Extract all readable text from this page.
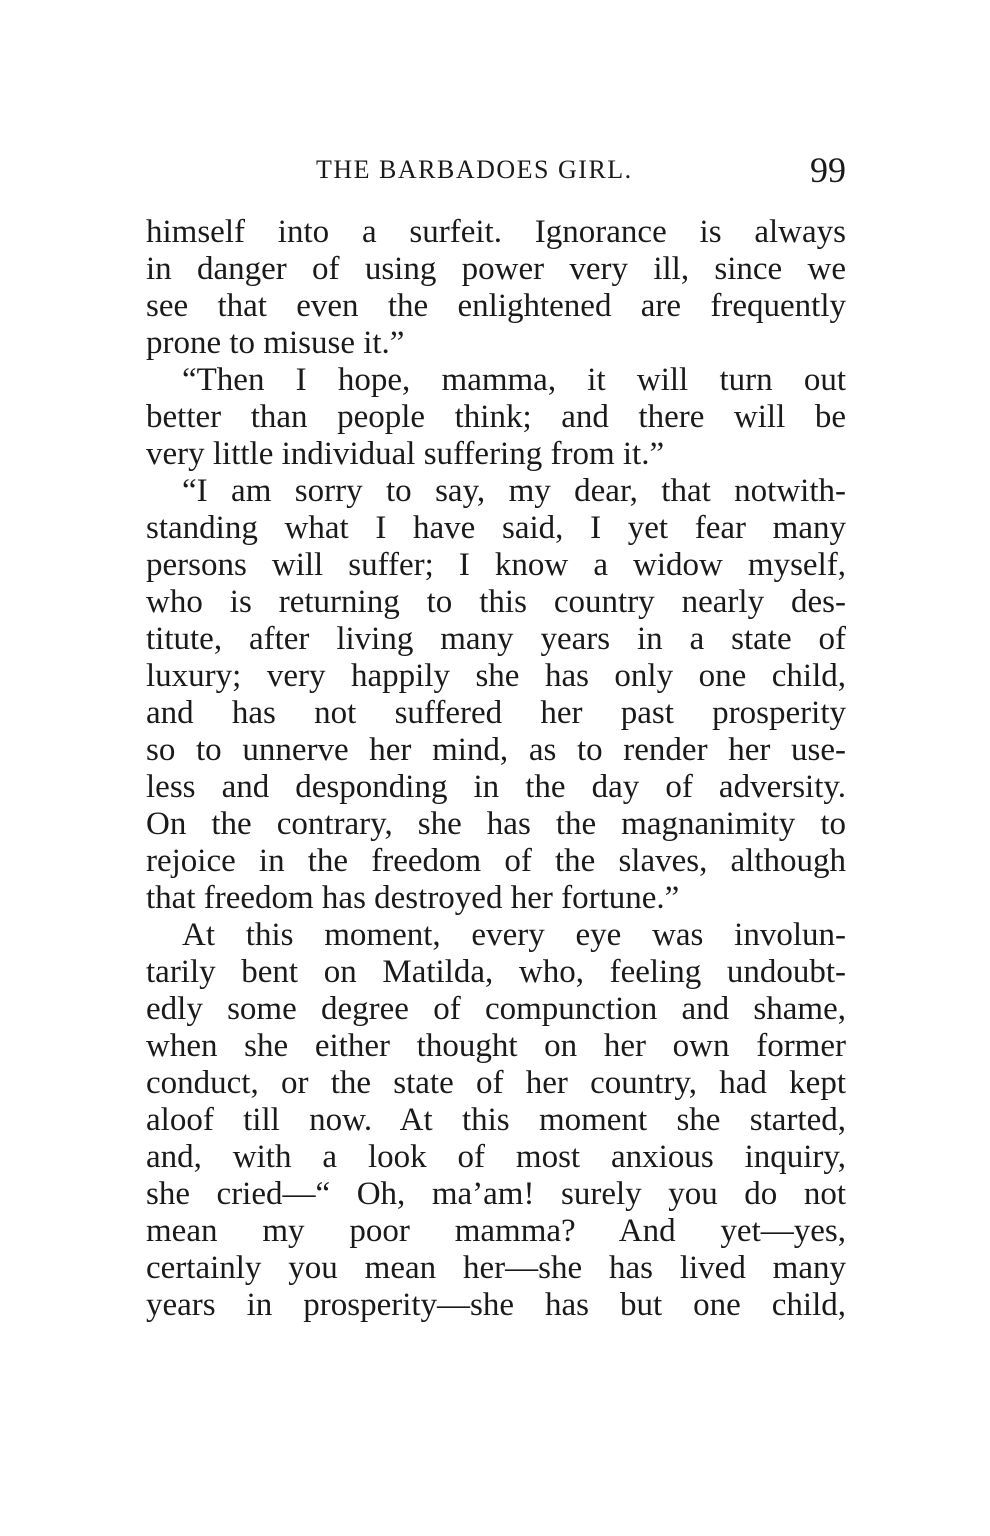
THE BARBADOES GIRL.	99
himself into a surfeit. Ignorance is always
in danger of using power very ill, since we
see that even the enlightened are frequently
prone to misuse it.”
“Then I hope, mamma, it will turn out
better than people think; and there will be
very little individual suffering from it.”
“I am sorry to say, my dear, that notwith-
standing what I have said, I yet fear many
persons will suffer; I know a widow myself,
who is returning to this country nearly des-
titute, after living many years in a state of
luxury; very happily she has only one child,
and has not suffered her past prosperity
so to unnerve her mind, as to render her use-
less and desponding in the day of adversity.
On the contrary, she has the magnanimity to
rejoice in the freedom of the slaves, although
that freedom has destroyed her fortune.”
At this moment, every eye was involun-
tarily bent on Matilda, who, feeling undoubt-
edly some degree of compunction and shame,
when she either thought on her own former
conduct, or the state of her country, had kept
aloof till now. At this moment she started,
and, with a look of most anxious inquiry,
she cried—“ Oh, ma’am! surely you do not
mean my poor mamma? And yet—yes,
certainly you mean her—she has lived many
years in prosperity—she has but one child,
